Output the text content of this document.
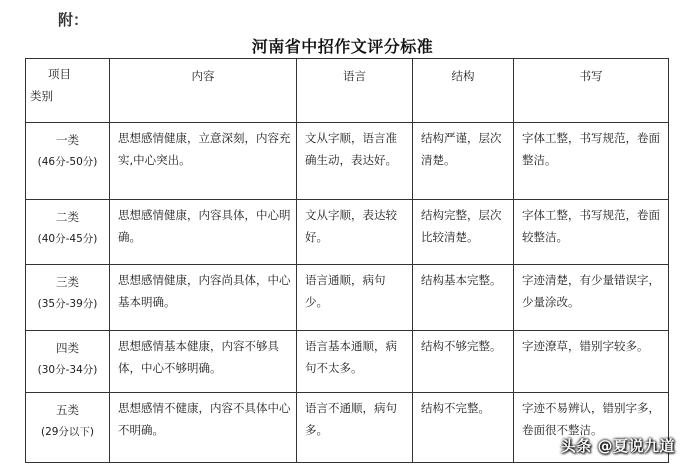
附：
河南省中招作文评分标准
项目
类别	内容	语言	结构	书写

一类
(46分-50分)	思想感情健康，立意深刻，内容充实,中心突出。	文从字顺，语言准确生动，表达好。	结构严谨，层次清楚。	字体工整，书写规范，卷面整洁。

二类
(40分-45分)	思想感情健康，内容具体，中心明确。	文从字顺，表达较好。	结构完整，层次比较清楚。	字体工整，书写规范，卷面较整洁。

三类
(35分-39分)	思想感情健康，内容尚具体，中心基本明确。	语言通顺，病句少。	结构基本完整。	字迹清楚，有少量错误字，少量涂改。

四类
(30分-34分)	思想感情基本健康，内容不够具体，中心不够明确。	语言基本通顺，病句不太多。	结构不够完整。	字迹潦草，错别字较多。

五类
(29分以下)	思想感情不健康，内容不具体中心不明确。	语言不通顺，病句多。	结构不完整。	字迹不易辨认，错别字多，卷面很不整洁。
头条 @夏说九道
